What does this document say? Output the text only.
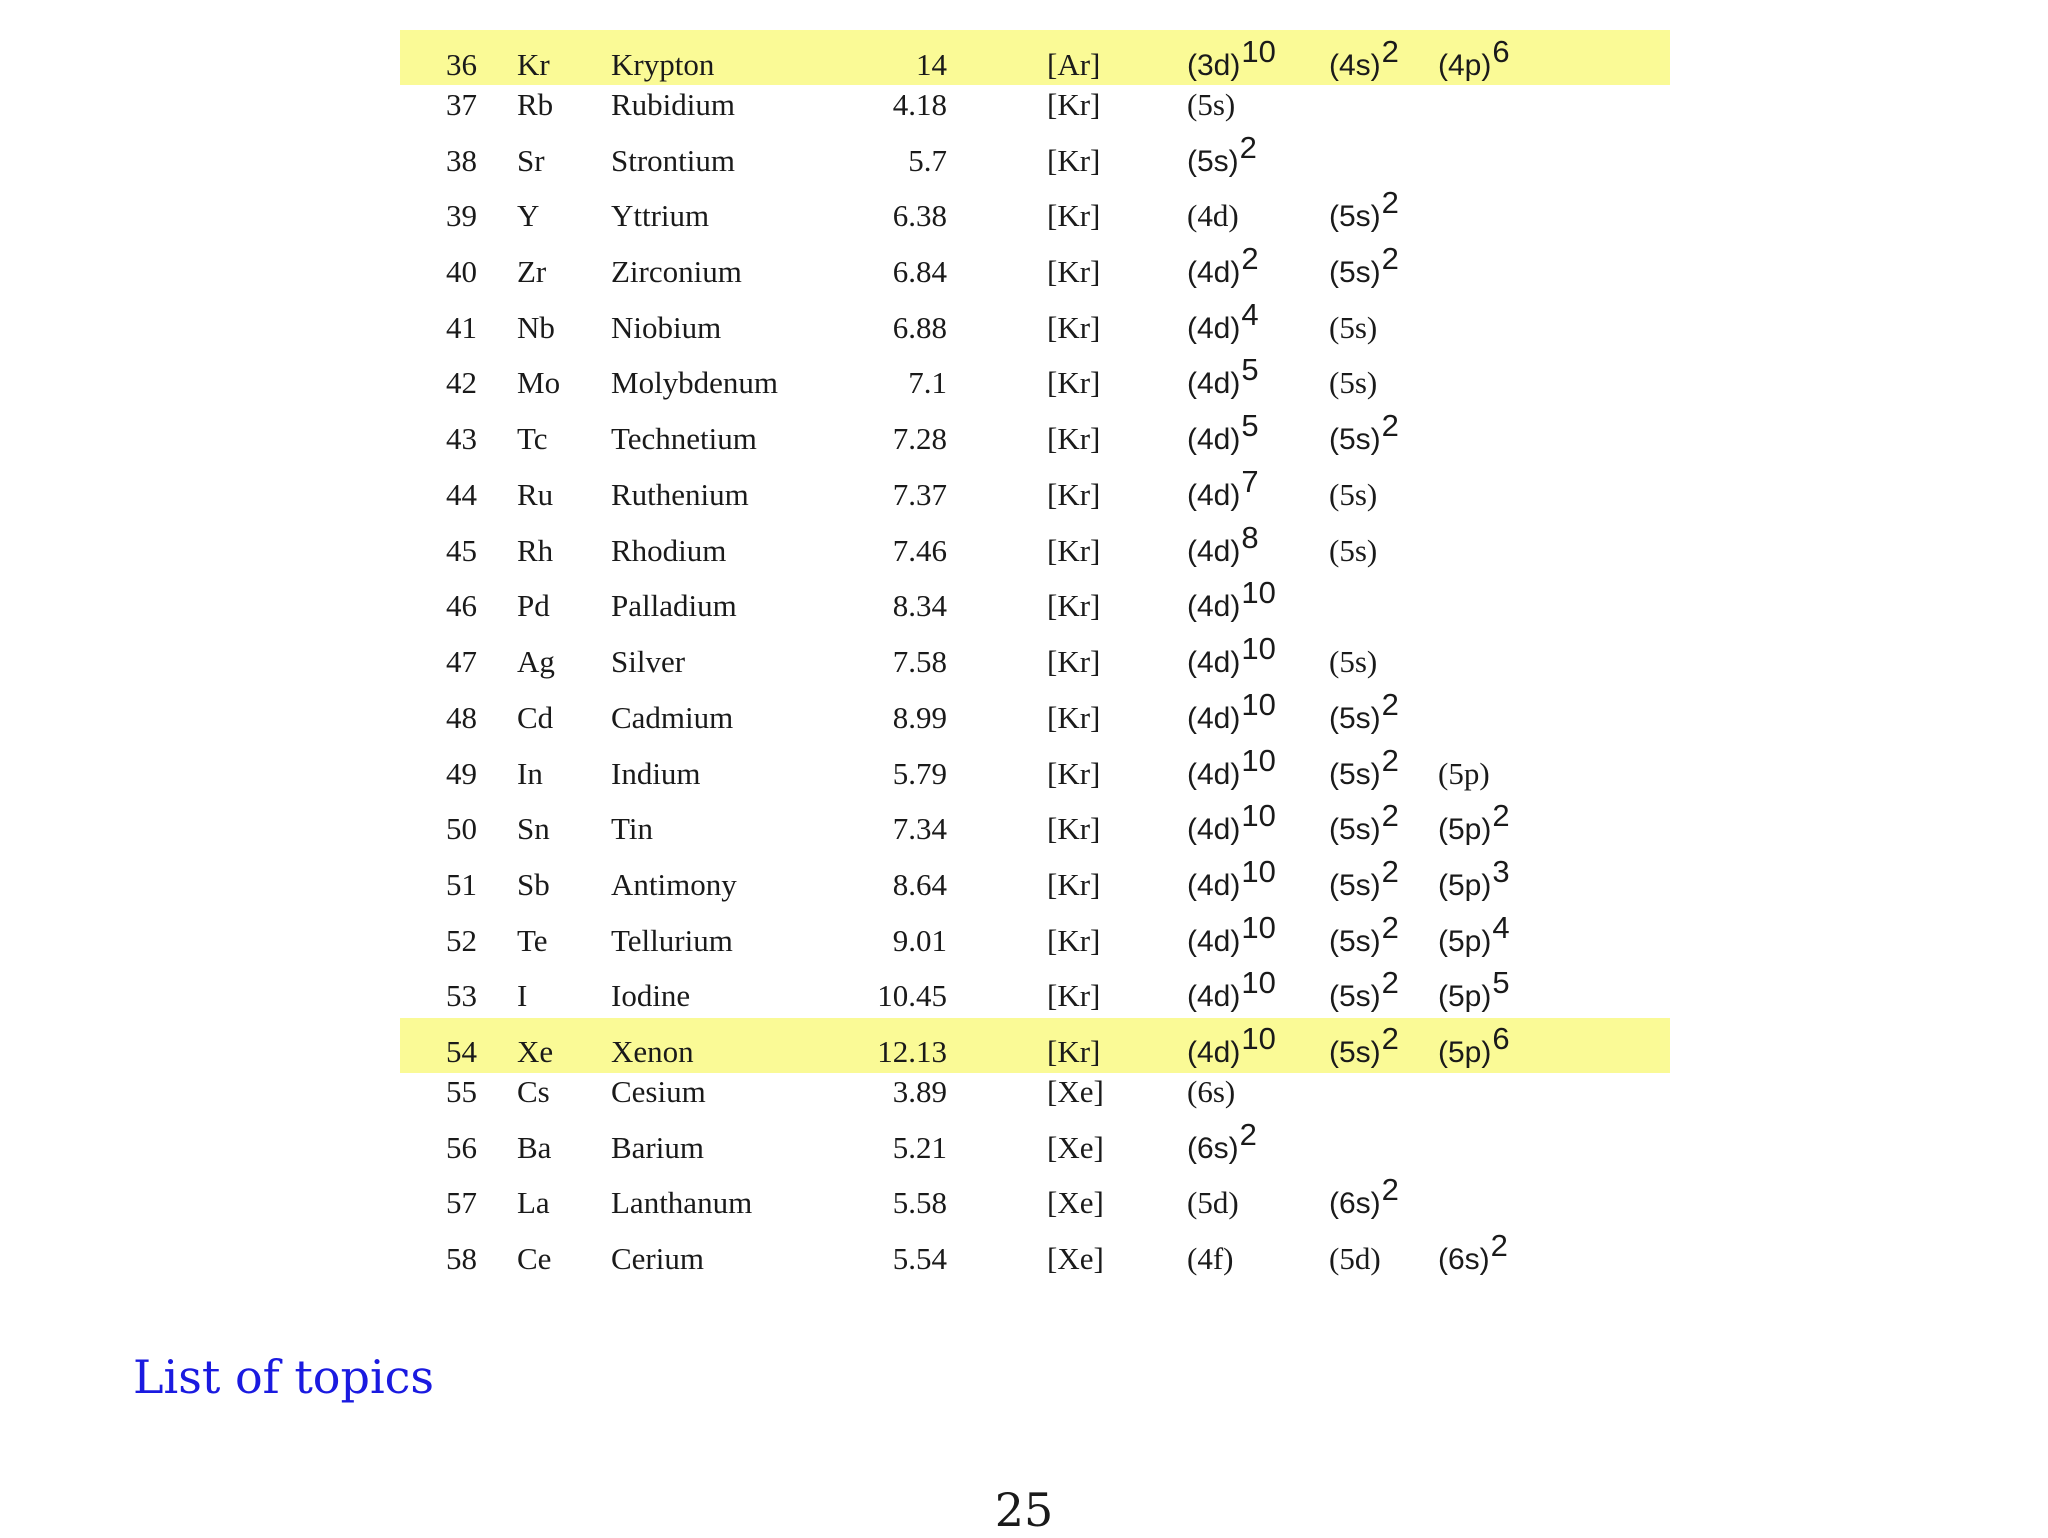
36 Kr Krypton	14	[Ar]	$(3d)^{10}$ $(4s)^2$ $(4p)^6$
37 Rb Rubidium	4.18	[Kr]	(5s)
38 Sr Strontium	5.7	[Kr]	$(5s)^2$
39 Y Yttrium	6.38	[Kr]	(4d)	$(5s)^2$
40 Zr Zirconium	6.84	[Kr]	$(4d)^2$ $(5s)^2$
41 Nb Niobium	6.88	[Kr]	$(4d)^4$ (5s)
42 Mo Molybdenum	7.1	[Kr]	$(4d)^5$ (5s)
43 Tc Technetium	7.28	[Kr]	$(4d)^5$ $(5s)^2$
44 Ru Ruthenium	7.37	[Kr]	$(4d)^7$ (5s)
45 Rh Rhodium	7.46	[Kr]	$(4d)^8$ (5s)
46 Pd Palladium	8.34	[Kr]	$(4d)^{10}$
47 Ag Silver	7.58	[Kr]	$(4d)^{10}$ (5s)
48 Cd Cadmium	8.99	[Kr]	$(4d)^{10}$ $(5s)^2$
49 In Indium	5.79	[Kr]	$(4d)^{10}$ $(5s)^2$ (5p)
50 Sn Tin	7.34	[Kr]	$(4d)^{10}$ $(5s)^2$ $(5p)^2$
51 Sb Antimony	8.64	[Kr]	$(4d)^{10}$ $(5s)^2$ $(5p)^3$
52 Te Tellurium	9.01	[Kr]	$(4d)^{10}$ $(5s)^2$ $(5p)^4$
53 I	Iodine	10.45	[Kr]	$(4d)^{10}$ $(5s)^2$ $(5p)^5$
54 Xe Xenon	12.13	[Kr]	$(4d)^{10}$ $(5s)^2$ $(5p)^6$
55 Cs Cesium	3.89	[Xe]	(6s)
56 Ba Barium	5.21	[Xe]	$(6s)^2$
57 La Lanthanum	5.58	[Xe]	(5d)	$(6s)^2$
58 Ce Cerium	5.54	[Xe]	(4f)	(5d) $(6s)^2$
List of topics
25
